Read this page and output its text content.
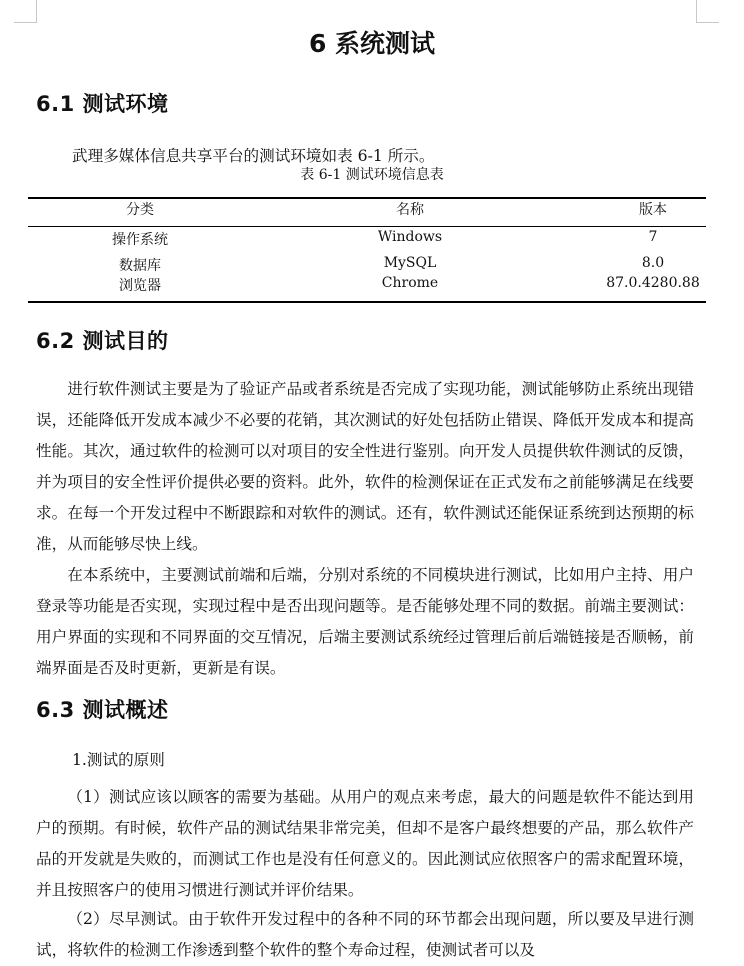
6 系统测试
6.1 测试环境
武理多媒体信息共享平台的测试环境如表 6-1 所示。
表 6-1 测试环境信息表
分类	名称	版本
操作系统	Windows	7
数据库	MySQL	8.0
浏览器	Chrome	87.0.4280.88
6.2 测试目的

进行软件测试主要是为了验证产品或者系统是否完成了实现功能，测试能够防止系统出现错误，还能降低开发成本减少不必要的花销，其次测试的好处包括防止错误、降低开发成本和提高性能。其次，通过软件的检测可以对项目的安全性进行鉴别。向开发人员提供软件测试的反馈，并为项目的安全性评价提供必要的资料。此外，软件的检测保证在正式发布之前能够满足在线要求。在每一个开发过程中不断跟踪和对软件的测试。还有，软件测试还能保证系统到达预期的标准，从而能够尽快上线。

在本系统中，主要测试前端和后端，分别对系统的不同模块进行测试，比如用户主持、用户登录等功能是否实现，实现过程中是否出现问题等。是否能够处理不同的数据。前端主要测试：用户界面的实现和不同界面的交互情况，后端主要测试系统经过管理后前后端链接是否顺畅，前端界面是否及时更新，更新是有误。

6.3 测试概述
1.测试的原则

（1）测试应该以顾客的需要为基础。从用户的观点来考虑，最大的问题是软件不能达到用户的预期。有时候，软件产品的测试结果非常完美，但却不是客户最终想要的产品，那么软件产品的开发就是失败的，而测试工作也是没有任何意义的。因此测试应依照客户的需求配置环境，并且按照客户的使用习惯进行测试并评价结果。

（2）尽早测试。由于软件开发过程中的各种不同的环节都会出现问题，所以要及早进行测试，将软件的检测工作渗透到整个软件的整个寿命过程，使测试者可以及
